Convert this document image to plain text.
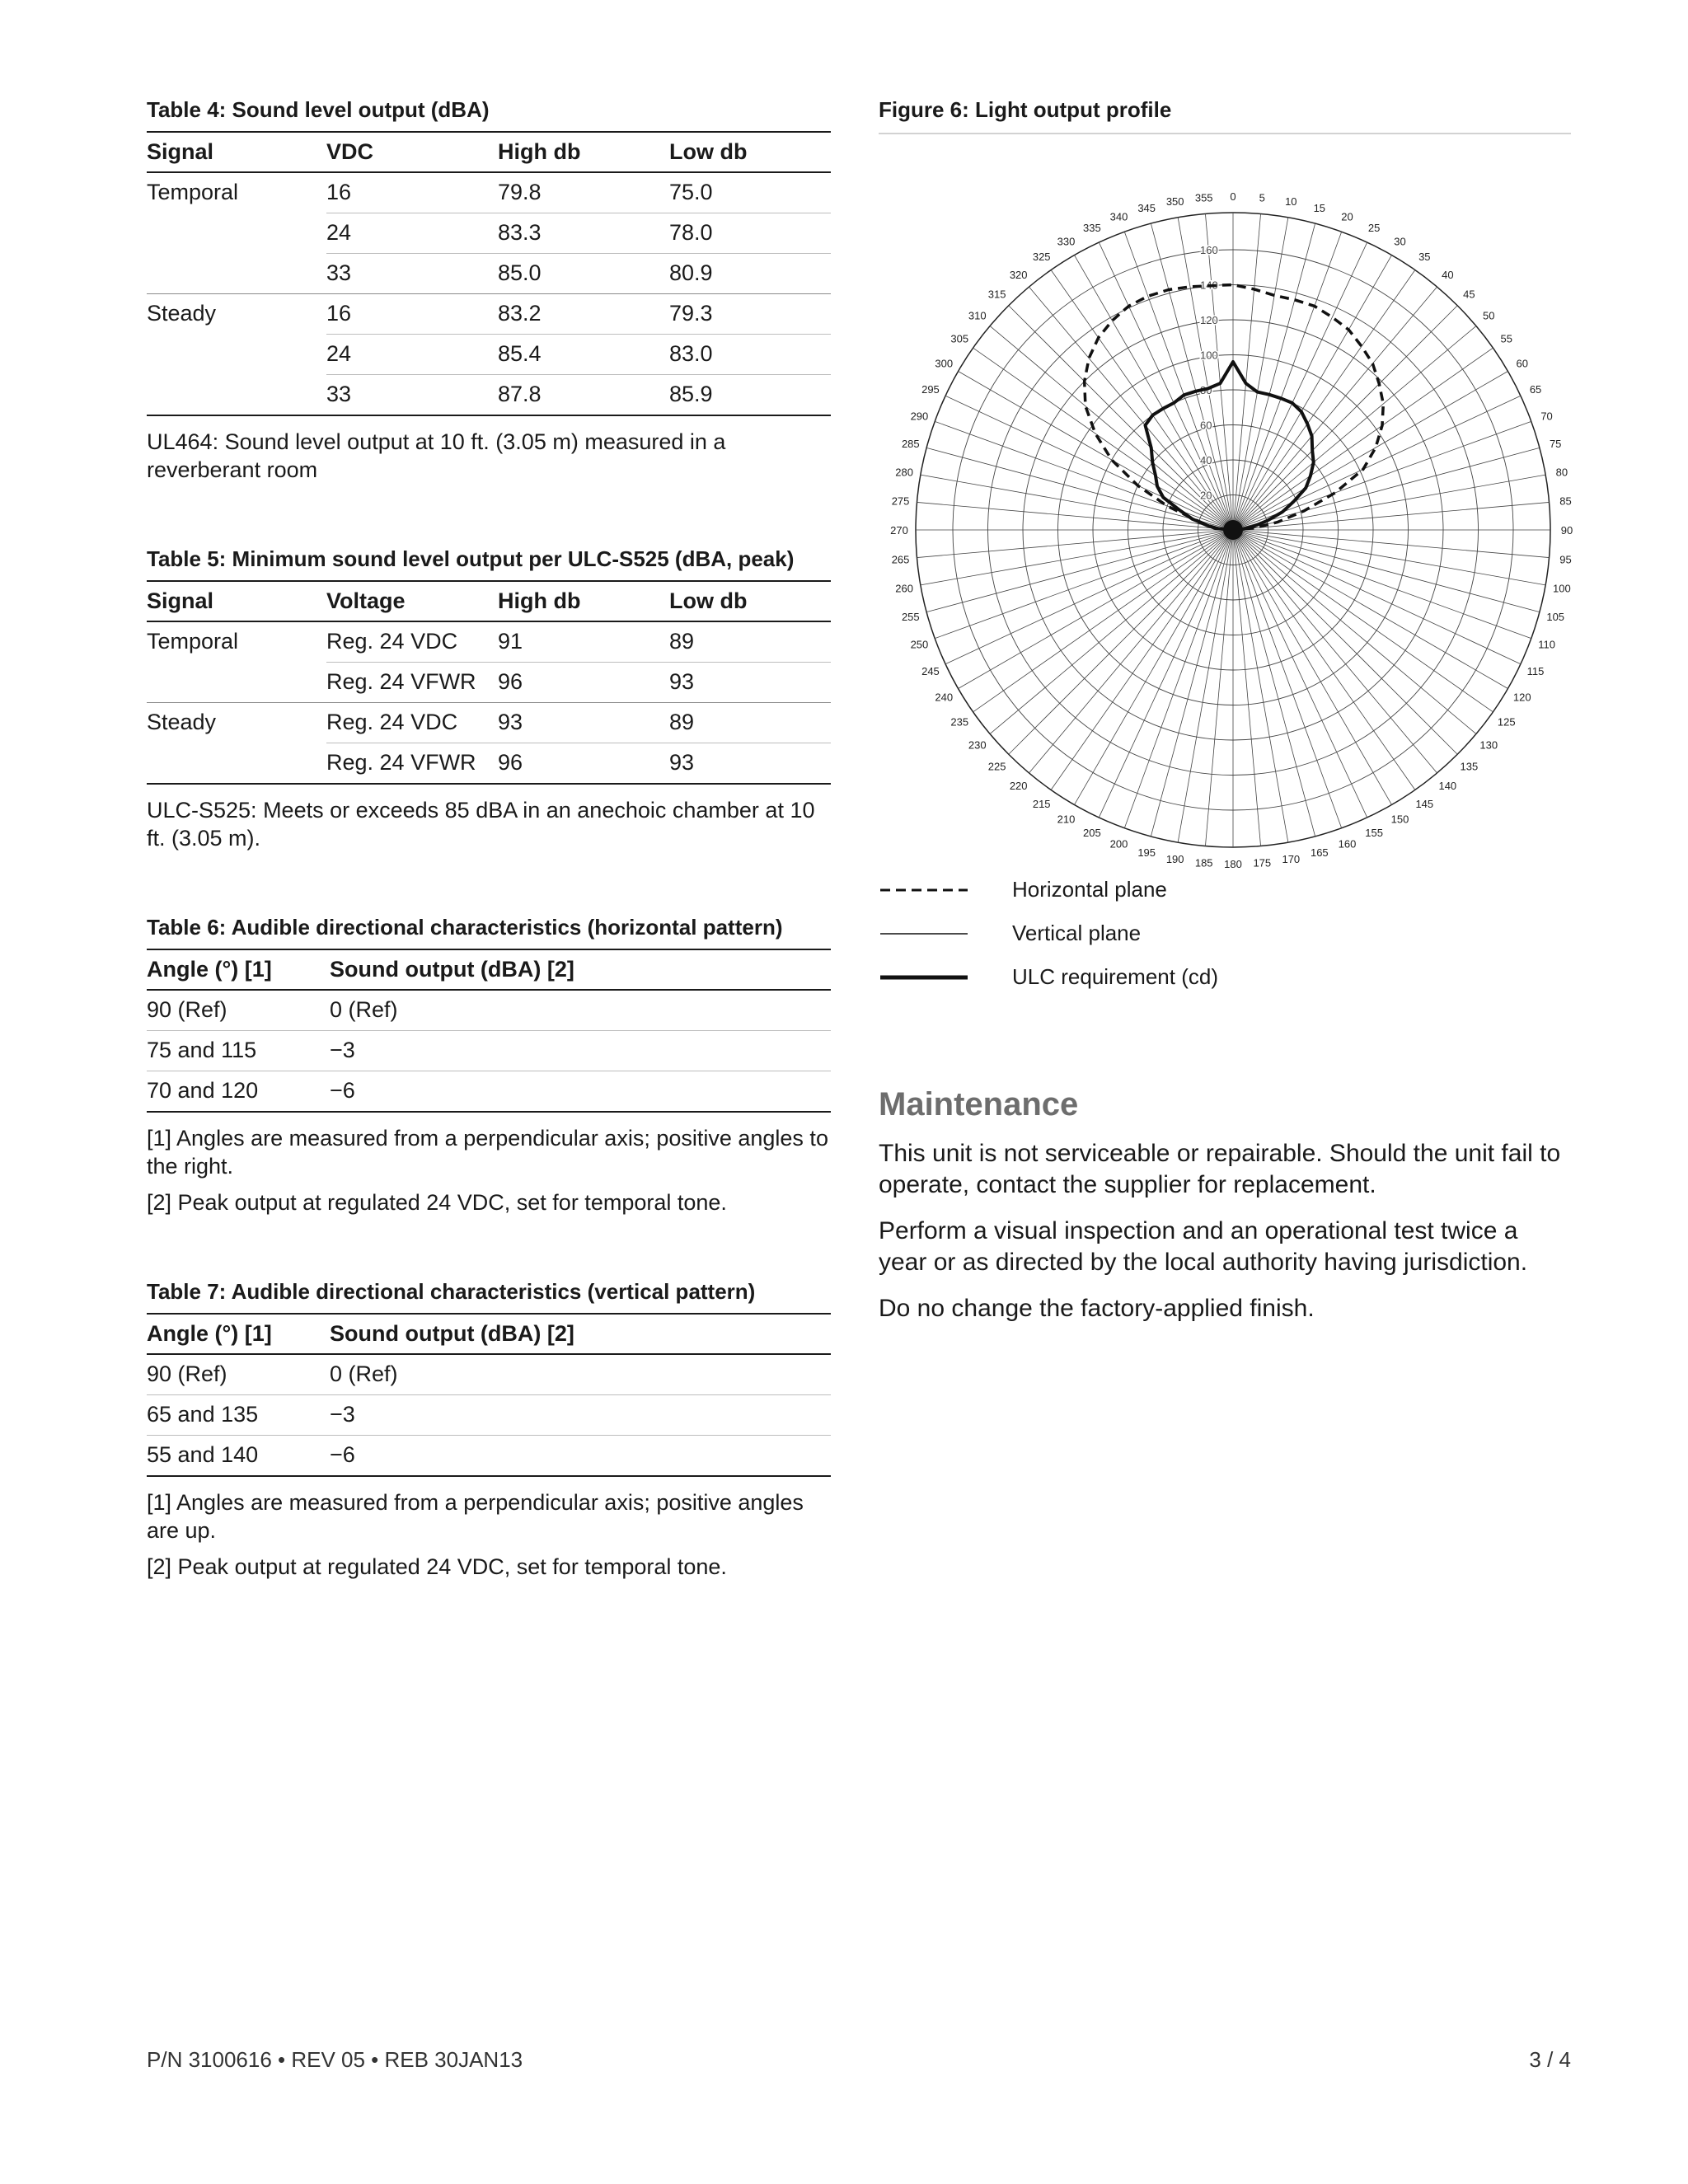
Table 4: Sound level output (dBA)
Signal	VDC	High db	Low db
Temporal	16	79.8	75.0
	24	83.3	78.0
	33	85.0	80.9
Steady	16	83.2	79.3
	24	85.4	83.0
	33	87.8	85.9

UL464: Sound level output at 10 ft. (3.05 m) measured in a reverberant room

Table 5: Minimum sound level output per ULC-S525 (dBA, peak)
Signal	Voltage	High db	Low db
Temporal	Reg. 24 VDC	91	89
	Reg. 24 VFWR	96	93
Steady	Reg. 24 VDC	93	89
	Reg. 24 VFWR	96	93

ULC-S525: Meets or exceeds 85 dBA in an anechoic chamber at 10 ft. (3.05 m).

Table 6: Audible directional characteristics (horizontal pattern)
Angle (°) [1]	Sound output (dBA) [2]
90 (Ref)	0 (Ref)
75 and 115	−3
70 and 120	−6

[1] Angles are measured from a perpendicular axis; positive angles to the right.

[2] Peak output at regulated 24 VDC, set for temporal tone.

Table 7: Audible directional characteristics (vertical pattern)
Angle (°) [1]	Sound output (dBA) [2]
90 (Ref)	0 (Ref)
65 and 135	−3
55 and 140	−6

[1] Angles are measured from a perpendicular axis; positive angles are up.

[2] Peak output at regulated 24 VDC, set for temporal tone.

Figure 6: Light output profile
0 5 10
15
20
25
30
35
40
45
50
55
60
65
70
75
80
85
90
95
100
105
110
115
120
125
130
135
140
145
150
155
160
165
170
175
180
185
190
195
200
205
210
215
220
225
230
235
240
245
250
255
260
265
270
275
280
285
290
295
300
305
310
315
320
325
330
335
340
345
350 355
20
40
60
80
100
120
140
160
Horizontal plane
Vertical plane
ULC requirement (cd)
Maintenance

This unit is not serviceable or repairable. Should the unit fail to operate, contact the supplier for replacement.

Perform a visual inspection and an operational test twice a year or as directed by the local authority having jurisdiction.

Do no change the factory-applied finish.

P/N 3100616 • REV 05 • REB 30JAN13	3 / 4
